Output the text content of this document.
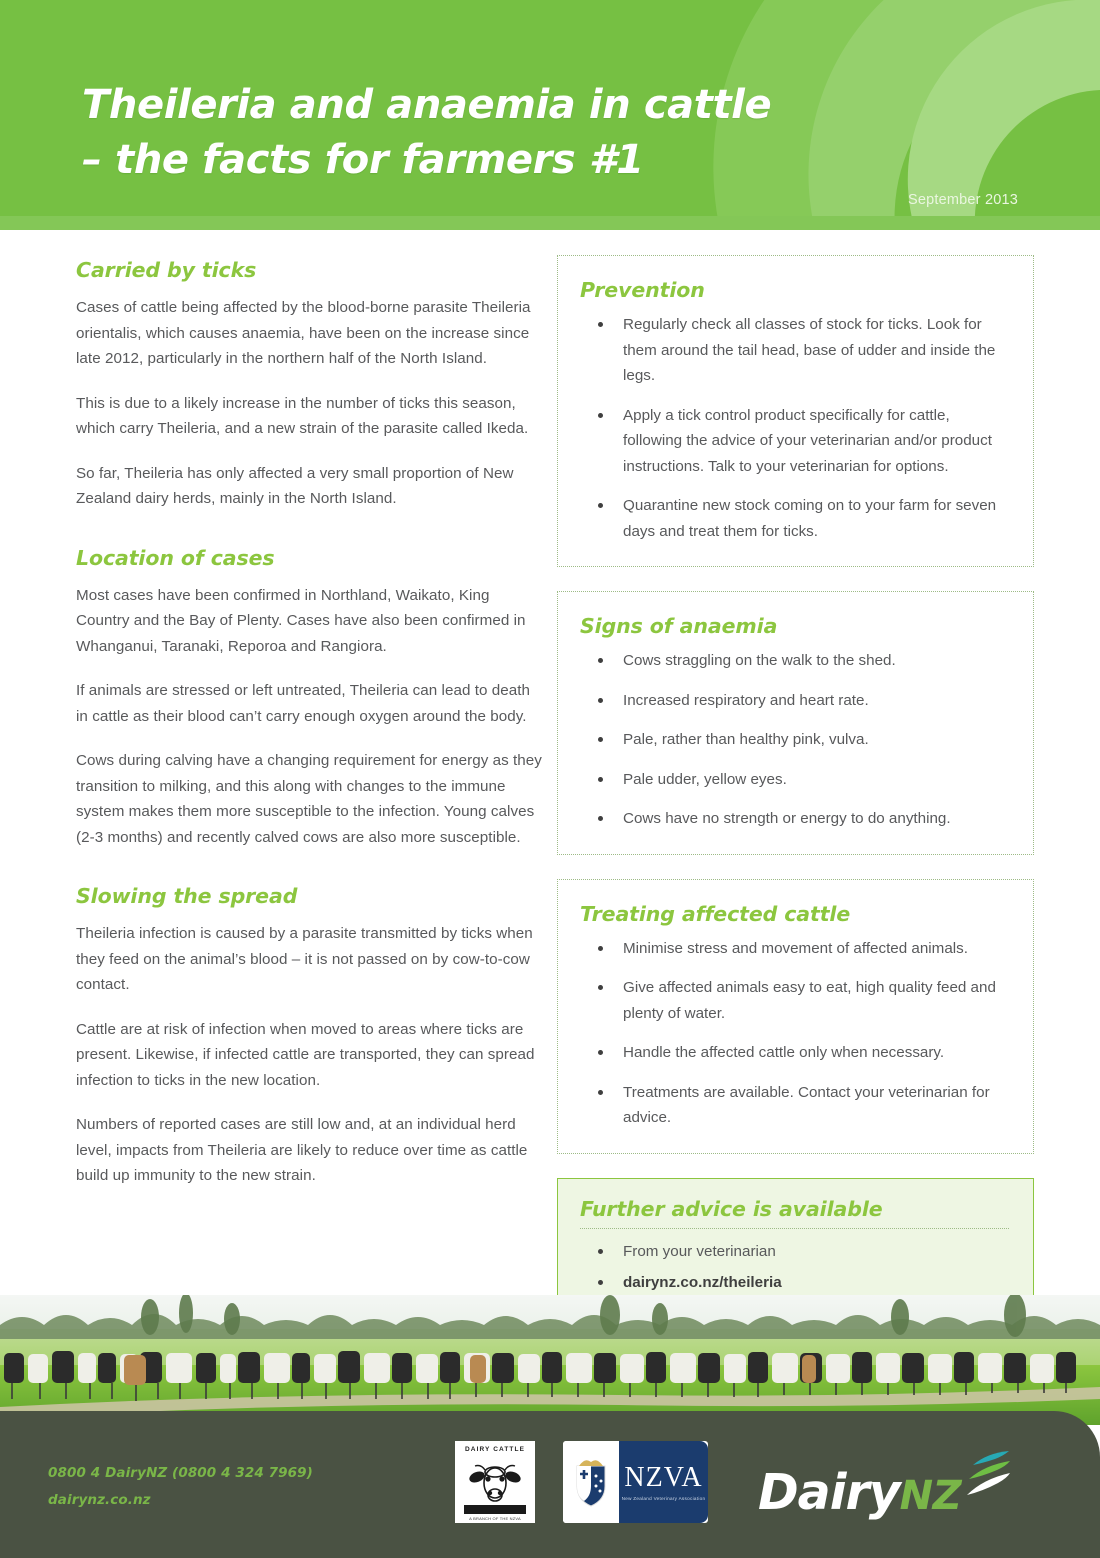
Theileria and anaemia in cattle
– the facts for farmers #1
September 2013
Carried by ticks

Cases of cattle being affected by the blood-borne parasite Theileria orientalis, which causes anaemia, have been on the increase since late 2012, particularly in the northern half of the North Island.

This is due to a likely increase in the number of ticks this season, which carry Theileria, and a new strain of the parasite called Ikeda.

So far, Theileria has only affected a very small proportion of New Zealand dairy herds, mainly in the North Island.

Location of cases

Most cases have been confirmed in Northland, Waikato, King Country and the Bay of Plenty. Cases have also been confirmed in Whanganui, Taranaki, Reporoa and Rangiora.

If animals are stressed or left untreated, Theileria can lead to death in cattle as their blood can’t carry enough oxygen around the body.

Cows during calving have a changing requirement for energy as they transition to milking, and this along with changes to the immune system makes them more susceptible to the infection. Young calves (2-3 months) and recently calved cows are also more susceptible.

Slowing the spread

Theileria infection is caused by a parasite transmitted by ticks when they feed on the animal’s blood – it is not passed on by cow-to-cow contact.

Cattle are at risk of infection when moved to areas where ticks are present. Likewise, if infected cattle are transported, they can spread infection to ticks in the new location.

Numbers of reported cases are still low and, at an individual herd level, impacts from Theileria are likely to reduce over time as cattle build up immunity to the new strain.

Prevention
Regularly check all classes of stock for ticks. Look for them around the tail head, base of udder and inside the legs.
Apply a tick control product specifically for cattle, following the advice of your veterinarian and/or product instructions. Talk to your veterinarian for options.
Quarantine new stock coming on to your farm for seven days and treat them for ticks.
Signs of anaemia
Cows straggling on the walk to the shed.
Increased respiratory and heart rate.
Pale, rather than healthy pink, vulva.
Pale udder, yellow eyes.
Cows have no strength or energy to do anything.
Treating affected cattle
Minimise stress and movement of affected animals.
Give affected animals easy to eat, high quality feed and plenty of water.
Handle the affected cattle only when necessary.
Treatments are available. Contact your veterinarian for advice.
Further advice is available
From your veterinarian
dairynz.co.nz/theileria
0800 4 DairyNZ (0800 4 324 7969)
dairynz.co.nz
DAIRY CATTLE
A BRANCH OF THE NZVA
NZVA
New Zealand Veterinary Association Dairy NZ
